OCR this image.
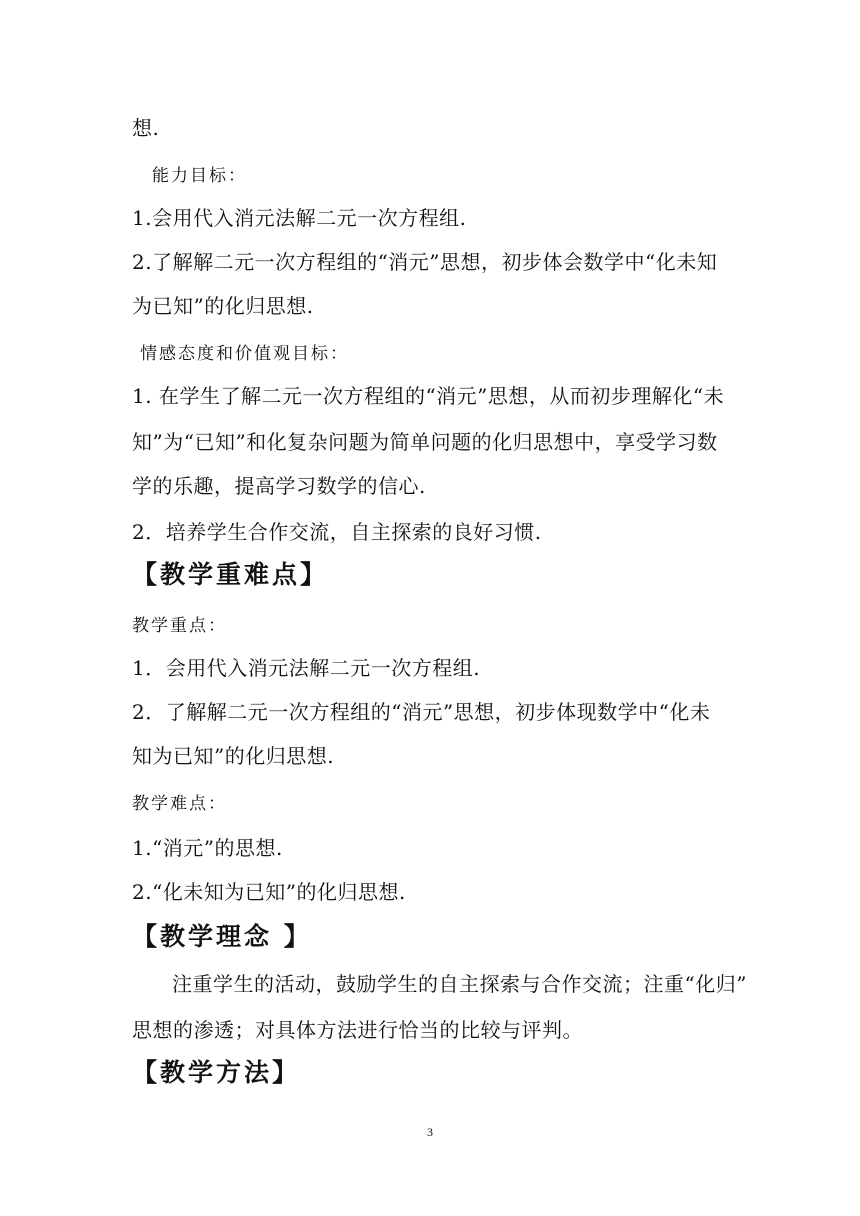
想.
能力目标：
1.会用代入消元法解二元一次方程组.
2.了解解二元一次方程组的“消元”思想，初步体会数学中“化未知
为已知”的化归思想.
情感态度和价值观目标：
1. 在学生了解二元一次方程组的“消元”思想，从而初步理解化“未
知”为“已知”和化复杂问题为简单问题的化归思想中，享受学习数
学的乐趣，提高学习数学的信心.
2．培养学生合作交流，自主探索的良好习惯.
【教学重难点】
教学重点：
1．会用代入消元法解二元一次方程组.
2．了解解二元一次方程组的“消元”思想，初步体现数学中“化未
知为已知”的化归思想.
教学难点：
1.“消元”的思想.
2.“化未知为已知”的化归思想.
【教学理念 】
注重学生的活动，鼓励学生的自主探索与合作交流；注重“化归”
思想的渗透；对具体方法进行恰当的比较与评判。
【教学方法】
3
